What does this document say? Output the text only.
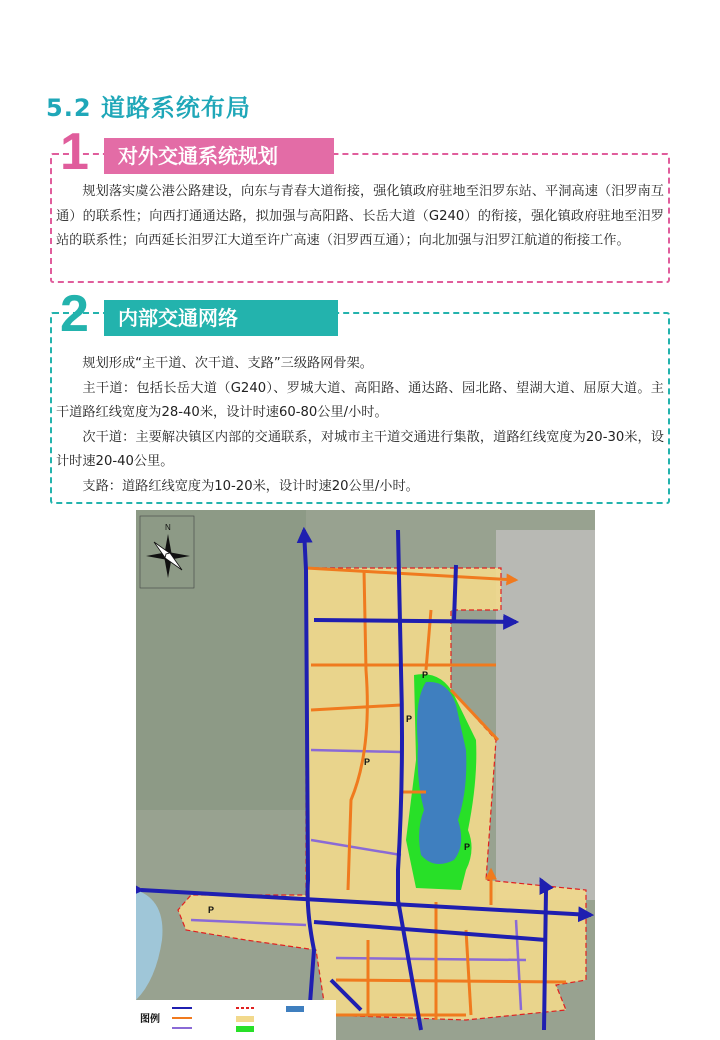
5.2 道路系统布局
1	对外交通系统规划

规划落实虞公港公路建设，向东与青春大道衔接，强化镇政府驻地至汨罗东站、平洞高速（汨罗南互通）的联系性；向西打通通达路，拟加强与高阳路、长岳大道（G240）的衔接，强化镇政府驻地至汨罗站的联系性；向西延长汨罗江大道至许广高速（汨罗西互通）；向北加强与汨罗江航道的衔接工作。

2	内部交通网络

规划形成“主干道、次干道、支路”三级路网骨架。

主干道：包括长岳大道（G240）、罗城大道、高阳路、通达路、园北路、望湖大道、屈原大道。主干道路红线宽度为28-40米，设计时速60-80公里/小时。

次干道：主要解决镇区内部的交通联系，对城市主干道交通进行集散，道路红线宽度为20-30米，设计时速20-40公里。

支路：道路红线宽度为10-20米，设计时速20公里/小时。

P
P
P
P
P
N
图例
